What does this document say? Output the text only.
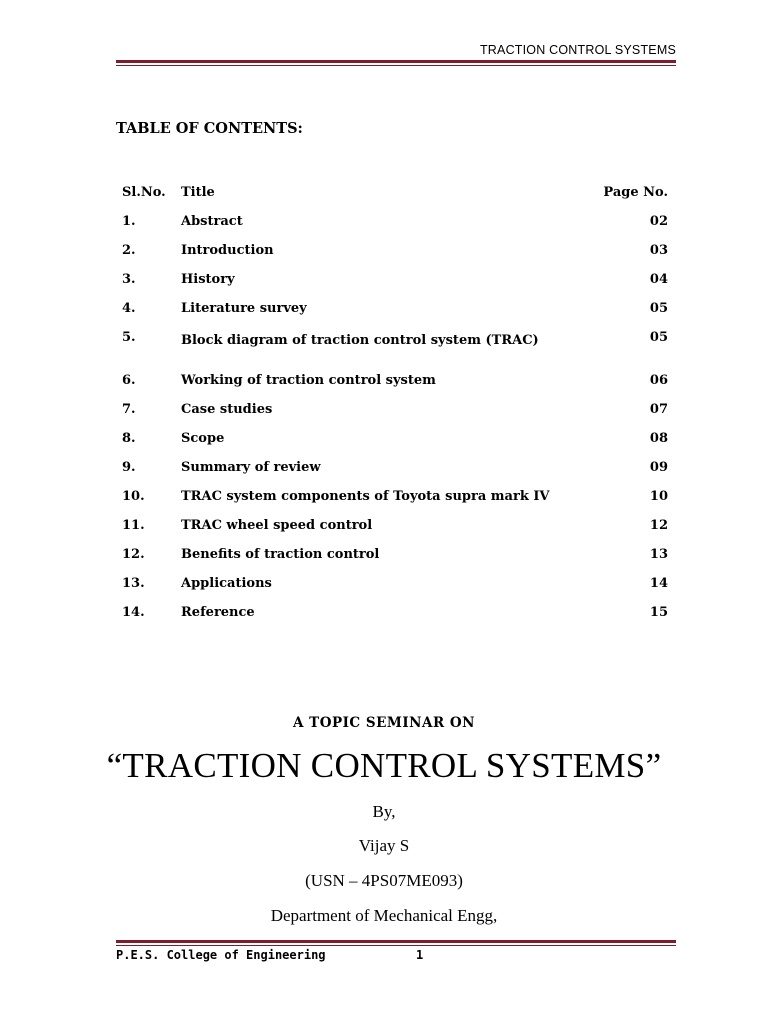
TRACTION CONTROL SYSTEMS
TABLE OF CONTENTS:
Sl.No. Title	Page No.
1.	Abstract	02
2.	Introduction	03
3.	History	04
4.	Literature survey	05
5.	Block diagram of traction control system (TRAC)	05
6.	Working of traction control system	06
7.	Case studies	07
8.	Scope	08
9.	Summary of review	09
10.	TRAC system components of Toyota supra mark IV	10
11.	TRAC wheel speed control	12
12.	Benefits of traction control	13
13.	Applications	14
14.	Reference	15
A TOPIC SEMINAR ON
“TRACTION CONTROL SYSTEMS”
By,
Vijay S
(USN – 4PS07ME093)
Department of Mechanical Engg,
P.E.S. College of Engineering	1
